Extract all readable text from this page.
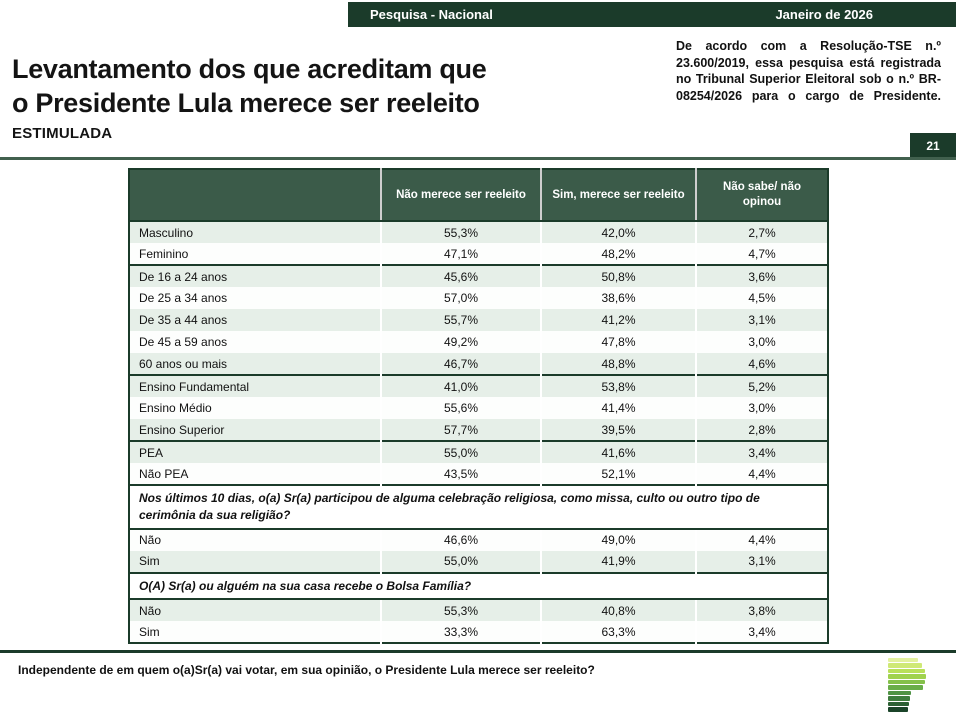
Pesquisa - Nacional	Janeiro de 2026
Levantamento dos que acreditam que
o Presidente Lula merece ser reeleito
ESTIMULADA
De acordo com a Resolução-TSE n.º 23.600/2019, essa pesquisa está registrada no Tribunal Superior Eleitoral sob o n.º BR-08254/2026 para o cargo de Presidente.
21
	Não merece ser reeleito	Sim, merece ser reeleito	Não sabe/ não opinou
Masculino	55,3%	42,0%	2,7%
Feminino	47,1%	48,2%	4,7%
De 16 a 24 anos	45,6%	50,8%	3,6%
De 25 a 34 anos	57,0%	38,6%	4,5%
De 35 a 44 anos	55,7%	41,2%	3,1%
De 45 a 59 anos	49,2%	47,8%	3,0%
60 anos ou mais	46,7%	48,8%	4,6%
Ensino Fundamental	41,0%	53,8%	5,2%
Ensino Médio	55,6%	41,4%	3,0%
Ensino Superior	57,7%	39,5%	2,8%
PEA	55,0%	41,6%	3,4%
Não PEA	43,5%	52,1%	4,4%
Nos últimos 10 dias, o(a) Sr(a) participou de alguma celebração religiosa, como missa, culto ou outro tipo de cerimônia da sua religião?			
Não	46,6%	49,0%	4,4%
Sim	55,0%	41,9%	3,1%
O(A) Sr(a) ou alguém na sua casa recebe o Bolsa Família?			
Não	55,3%	40,8%	3,8%
Sim	33,3%	63,3%	3,4%
Independente de em quem o(a)Sr(a) vai votar, em sua opinião, o Presidente Lula merece ser reeleito?
